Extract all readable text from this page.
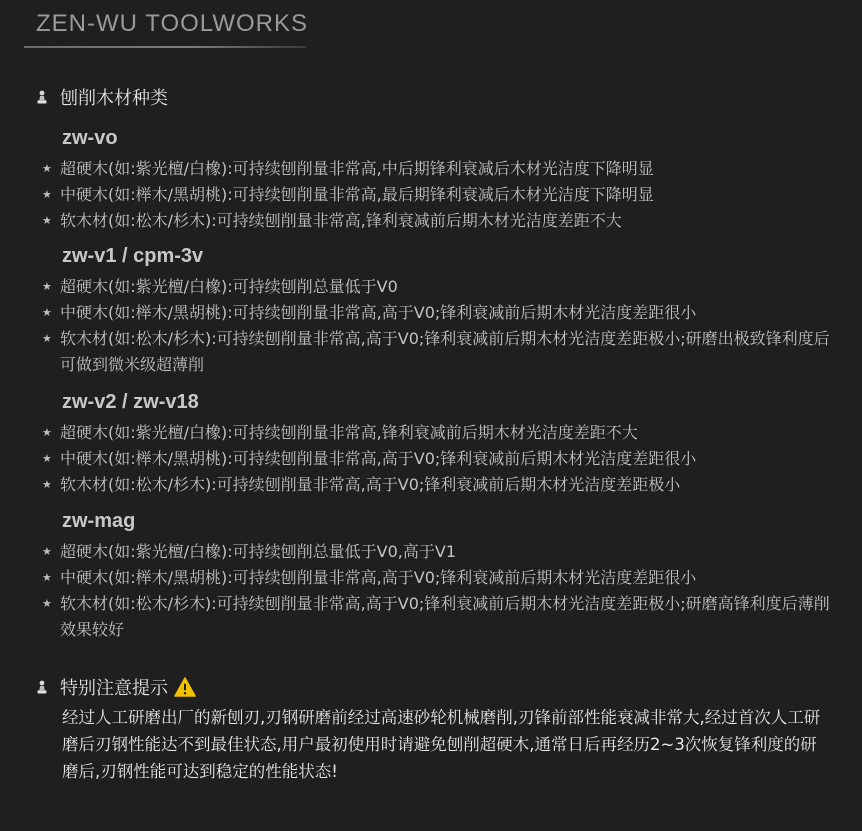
ZEN-WU TOOLWORKS
刨削木材种类
zw-vo
★ 超硬木(如:紫光檀/白橡):可持续刨削量非常高,中后期锋利衰减后木材光洁度下降明显
★ 中硬木(如:榉木/黑胡桃):可持续刨削量非常高,最后期锋利衰减后木材光洁度下降明显
★ 软木材(如:松木/杉木):可持续刨削量非常高,锋利衰减前后期木材光洁度差距不大
zw-v1 / cpm-3v
★ 超硬木(如:紫光檀/白橡):可持续刨削总量低于V0
★ 中硬木(如:榉木/黑胡桃):可持续刨削量非常高,高于V0;锋利衰减前后期木材光洁度差距很小
★ 软木材(如:松木/杉木):可持续刨削量非常高,高于V0;锋利衰减前后期木材光洁度差距极小;研磨出极致锋利度后可做到微米级超薄削
zw-v2 / zw-v18
★ 超硬木(如:紫光檀/白橡):可持续刨削量非常高,锋利衰减前后期木材光洁度差距不大
★ 中硬木(如:榉木/黑胡桃):可持续刨削量非常高,高于V0;锋利衰减前后期木材光洁度差距很小
★ 软木材(如:松木/杉木):可持续刨削量非常高,高于V0;锋利衰减前后期木材光洁度差距极小
zw-mag
★ 超硬木(如:紫光檀/白橡):可持续刨削总量低于V0,高于V1
★ 中硬木(如:榉木/黑胡桃):可持续刨削量非常高,高于V0;锋利衰减前后期木材光洁度差距很小
★ 软木材(如:松木/杉木):可持续刨削量非常高,高于V0;锋利衰减前后期木材光洁度差距极小;研磨高锋利度后薄削效果较好
特别注意提示
经过人工研磨出厂的新刨刃,刃钢研磨前经过高速砂轮机械磨削,刃锋前部性能衰减非常大,经过首次人工研磨后刃钢性能达不到最佳状态,用户最初使用时请避免刨削超硬木,通常日后再经历2~3次恢复锋利度的研磨后,刃钢性能可达到稳定的性能状态!
